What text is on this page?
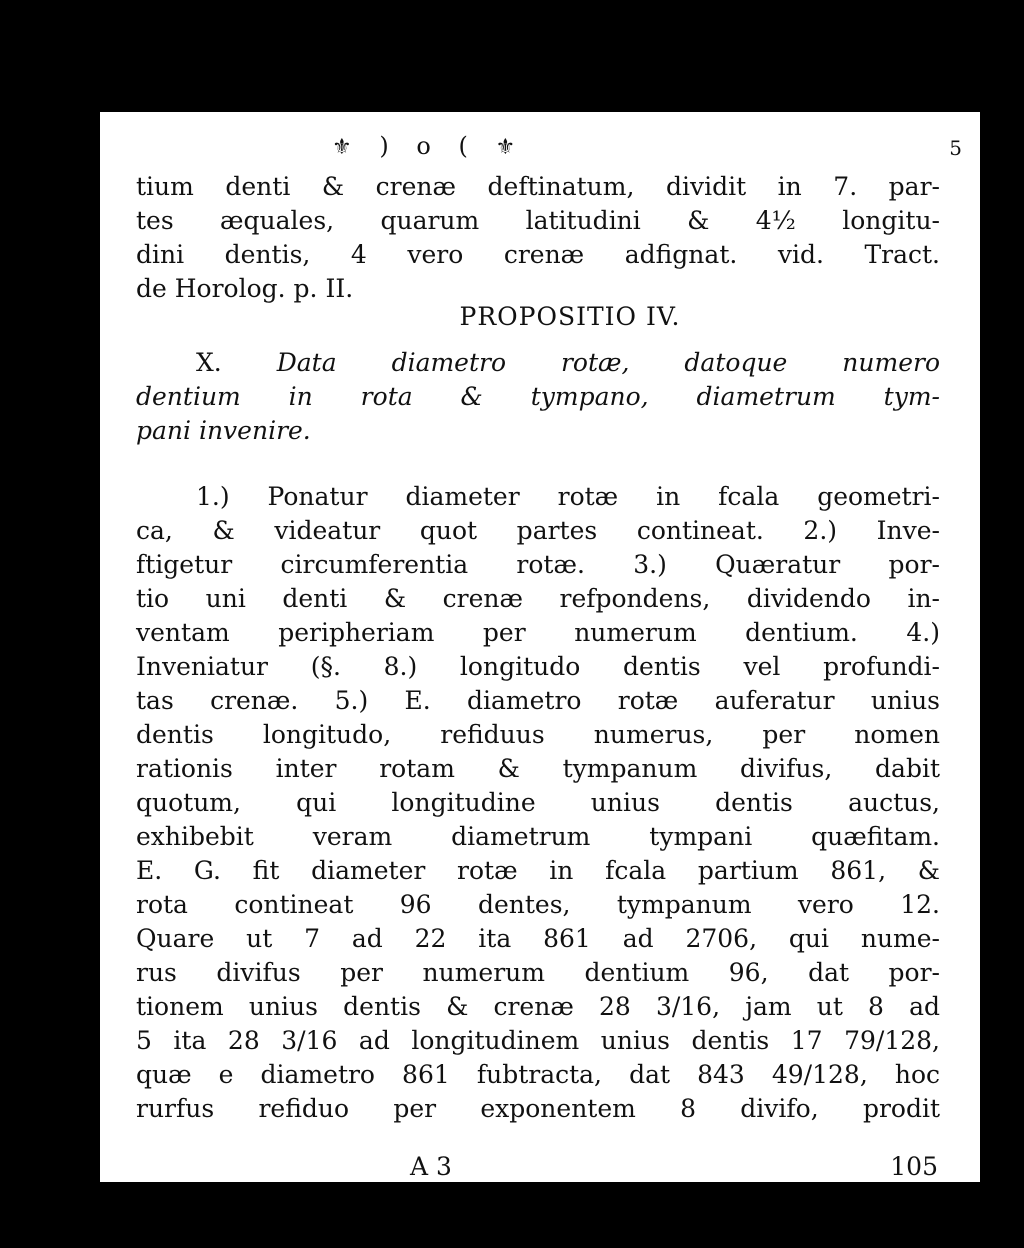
⚜ ) o ( ⚜	5
tium denti & crenæ deftinatum, dividit in 7. par-
tes æquales, quarum latitudini & 4½ longitu-
dini dentis, 4 vero crenæ adfignat. vid. Tract.
de Horolog. p. II.
PROPOSITIO IV.
X. Data diametro rotæ, datoque numero
dentium in rota & tympano, diametrum tym-
pani invenire.
1.) Ponatur diameter rotæ in fcala geometri-
ca, & videatur quot partes contineat. 2.) Inve-
ftigetur circumferentia rotæ. 3.) Quæratur por-
tio uni denti & crenæ refpondens, dividendo in-
ventam peripheriam per numerum dentium. 4.)
Inveniatur (§. 8.) longitudo dentis vel profundi-
tas crenæ. 5.) E. diametro rotæ auferatur unius
dentis longitudo, refiduus numerus, per nomen
rationis inter rotam & tympanum divifus, dabit
quotum, qui longitudine unius dentis auctus,
exhibebit veram diametrum tympani quæfitam.
E. G. fit diameter rotæ in fcala partium 861, &
rota contineat 96 dentes, tympanum vero 12.
Quare ut 7 ad 22 ita 861 ad 2706, qui nume-
rus divifus per numerum dentium 96, dat por-
tionem unius dentis & crenæ 28 3/16, jam ut 8 ad
5 ita 28 3/16 ad longitudinem unius dentis 17 79/128,
quæ e diametro 861 fubtracta, dat 843 49/128, hoc
rurfus refiduo per exponentem 8 divifo, prodit
A 3	105
